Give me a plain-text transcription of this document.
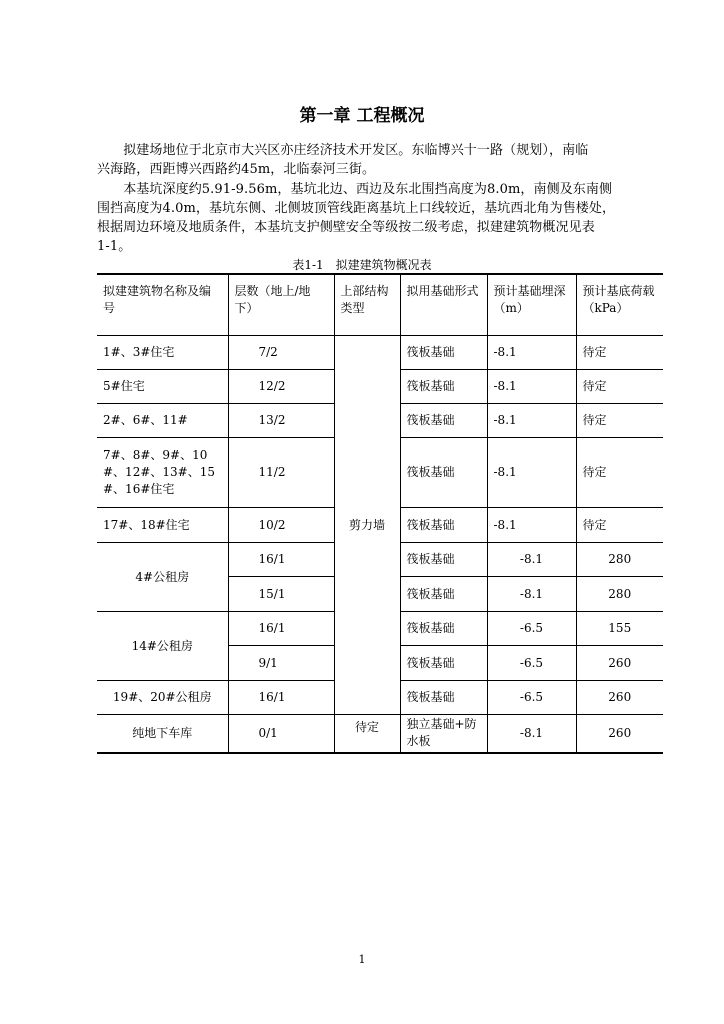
第一章 工程概况
　　拟建场地位于北京市大兴区亦庄经济技术开发区。东临博兴十一路（规划），南临
兴海路，西距博兴西路约45m，北临泰河三街。
　　本基坑深度约5.91-9.56m，基坑北边、西边及东北围挡高度为8.0m，南侧及东南侧
围挡高度为4.0m，基坑东侧、北侧坡顶管线距离基坑上口线较近，基坑西北角为售楼处，
根据周边环境及地质条件，本基坑支护侧壁安全等级按二级考虑，拟建建筑物概况见表
1-1。
表1-1　拟建建筑物概况表
拟建建筑物名称及编号	层数（地上/地下）	上部结构类型	拟用基础形式	预计基础埋深（m）	预计基底荷载（kPa）
1#、3#住宅	7/2	剪力墙	筏板基础	-8.1	待定
5#住宅	12/2		筏板基础	-8.1	待定
2#、6#、11#	13/2		筏板基础	-8.1	待定
7#、8#、9#、10#、12#、13#、15#、16#住宅	11/2		筏板基础	-8.1	待定
17#、18#住宅	10/2		筏板基础	-8.1	待定
4#公租房	16/1		筏板基础	-8.1	280
	15/1		筏板基础	-8.1	280
14#公租房	16/1		筏板基础	-6.5	155
	9/1		筏板基础	-6.5	260
19#、20#公租房	16/1		筏板基础	-6.5	260
纯地下车库	0/1	待定	独立基础+防水板	-8.1	260
1
